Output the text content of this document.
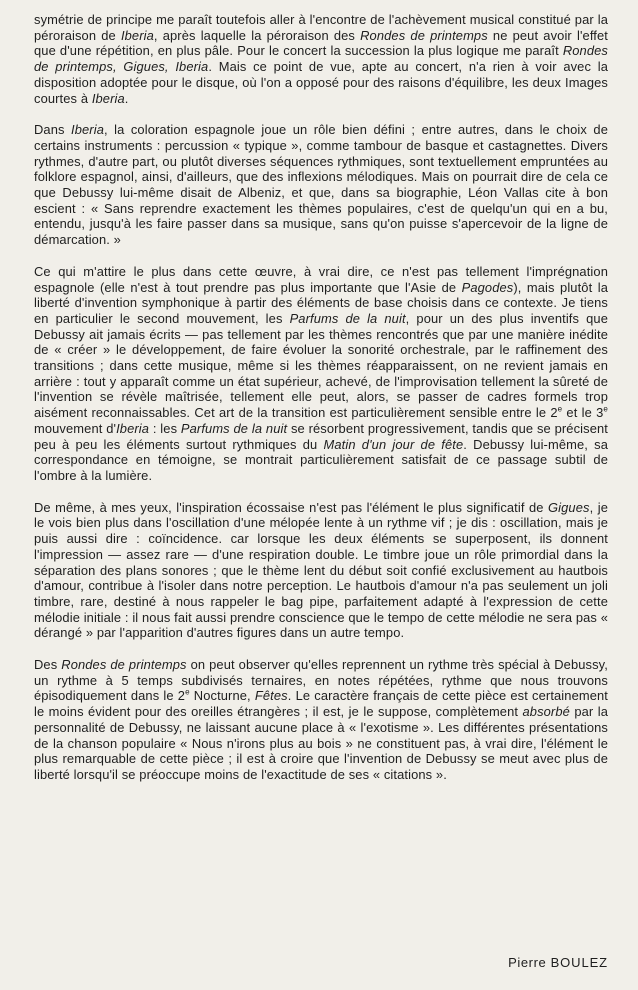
symétrie de principe me paraît toutefois aller à l'encontre de l'achèvement musical constitué par la péroraison de Iberia, après laquelle la péroraison des Rondes de printemps ne peut avoir l'effet que d'une répétition, en plus pâle. Pour le concert la succession la plus logique me paraît Rondes de printemps, Gigues, Iberia. Mais ce point de vue, apte au concert, n'a rien à voir avec la disposition adoptée pour le disque, où l'on a opposé pour des raisons d'équilibre, les deux Images courtes à Iberia.

Dans Iberia, la coloration espagnole joue un rôle bien défini ; entre autres, dans le choix de certains instruments : percussion « typique », comme tambour de basque et castagnettes. Divers rythmes, d'autre part, ou plutôt diverses séquences rythmiques, sont textuellement empruntées au folklore espagnol, ainsi, d'ailleurs, que des inflexions mélodiques. Mais on pourrait dire de cela ce que Debussy lui-même disait de Albeniz, et que, dans sa biographie, Léon Vallas cite à bon escient : « Sans reprendre exactement les thèmes populaires, c'est de quelqu'un qui en a bu, entendu, jusqu'à les faire passer dans sa musique, sans qu'on puisse s'apercevoir de la ligne de démarcation. »

Ce qui m'attire le plus dans cette œuvre, à vrai dire, ce n'est pas tellement l'imprégnation espagnole (elle n'est à tout prendre pas plus importante que l'Asie de Pagodes), mais plutôt la liberté d'invention symphonique à partir des éléments de base choisis dans ce contexte. Je tiens en particulier le second mouvement, les Parfums de la nuit, pour un des plus inventifs que Debussy ait jamais écrits — pas tellement par les thèmes rencontrés que par une manière inédite de « créer » le développement, de faire évoluer la sonorité orchestrale, par le raffinement des transitions ; dans cette musique, même si les thèmes réapparaissent, on ne revient jamais en arrière : tout y apparaît comme un état supérieur, achevé, de l'improvisation tellement la sûreté de l'invention se révèle maîtrisée, tellement elle peut, alors, se passer de cadres formels trop aisément reconnaissables. Cet art de la transition est particulièrement sensible entre le 2e et le 3e mouvement d'Iberia : les Parfums de la nuit se résorbent progressivement, tandis que se précisent peu à peu les éléments surtout rythmiques du Matin d'un jour de fête. Debussy lui-même, sa correspondance en témoigne, se montrait particulièrement satisfait de ce passage subtil de l'ombre à la lumière.

De même, à mes yeux, l'inspiration écossaise n'est pas l'élément le plus significatif de Gigues, je le vois bien plus dans l'oscillation d'une mélopée lente à un rythme vif ; je dis : oscillation, mais je puis aussi dire : coïncidence. car lorsque les deux éléments se superposent, ils donnent l'impression — assez rare — d'une respiration double. Le timbre joue un rôle primordial dans la séparation des plans sonores ; que le thème lent du début soit confié exclusivement au hautbois d'amour, contribue à l'isoler dans notre perception. Le hautbois d'amour n'a pas seulement un joli timbre, rare, destiné à nous rappeler le bag pipe, parfaitement adapté à l'expression de cette mélodie initiale : il nous fait aussi prendre conscience que le tempo de cette mélodie ne sera pas « dérangé » par l'apparition d'autres figures dans un autre tempo.

Des Rondes de printemps on peut observer qu'elles reprennent un rythme très spécial à Debussy, un rythme à 5 temps subdivisés ternaires, en notes répétées, rythme que nous trouvons épisodiquement dans le 2e Nocturne, Fêtes. Le caractère français de cette pièce est certainement le moins évident pour des oreilles étrangères ; il est, je le suppose, complètement absorbé par la personnalité de Debussy, ne laissant aucune place à « l'exotisme ». Les différentes présentations de la chanson populaire « Nous n'irons plus au bois » ne constituent pas, à vrai dire, l'élément le plus remarquable de cette pièce ; il est à croire que l'invention de Debussy se meut avec plus de liberté lorsqu'il se préoccupe moins de l'exactitude de ses « citations ».

Pierre BOULEZ
